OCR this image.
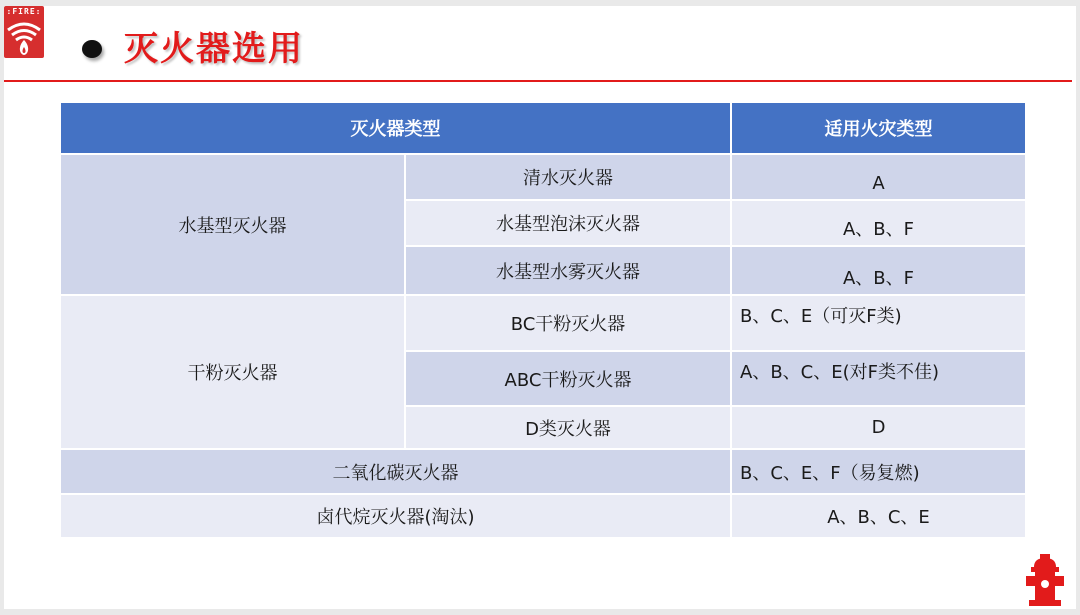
:FIRE:
灭火器选用
灭火器类型	适用火灾类型
水基型灭火器
清水灭火器	A
水基型泡沫灭火器	A、B、F
水基型水雾灭火器	A、B、F
干粉灭火器
BC干粉灭火器	B、C、E（可灭F类)
ABC干粉灭火器	A、B、C、E(对F类不佳)
D类灭火器	D
二氧化碳灭火器	B、C、E、F（易复燃)
卤代烷灭火器(淘汰)	A、B、C、E
